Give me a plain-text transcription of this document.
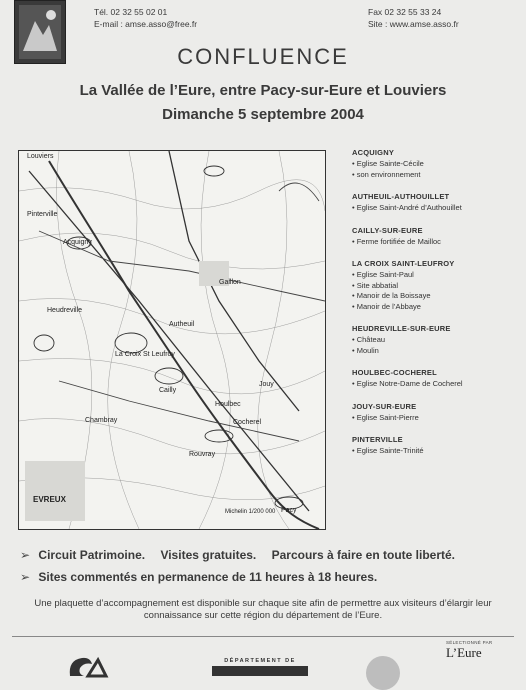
Tél. 02 32 55 02 01
E-mail : amse.asso@free.fr
Fax 02 32 55 33 24
Site : www.amse.asso.fr
CONFLUENCE
La Vallée de l’Eure, entre Pacy-sur-Eure et Louviers
Dimanche 5 septembre 2004
Louviers
Gaillon
Pinterville
Acquigny
Heudreville
Autheuil
La Croix St Leufroy
Cailly
Chambray
Jouy
Houlbec
Cocherel
Rouvray
EVREUX
Pacy
Michelin 1/200 000
ACQUIGNY
• Eglise Sainte-Cécile
• son environnement
AUTHEUIL-AUTHOUILLET
• Eglise Saint-André d’Authouillet
CAILLY-SUR-EURE
• Ferme fortifiée de Mailloc
LA CROIX SAINT-LEUFROY
• Eglise Saint-Paul
• Site abbatial
• Manoir de la Boissaye
• Manoir de l’Abbaye
HEUDREVILLE-SUR-EURE
• Château
• Moulin
HOULBEC-COCHEREL
• Eglise Notre-Dame de Cocherel
JOUY-SUR-EURE
• Eglise Saint-Pierre
PINTERVILLE
• Eglise Sainte-Trinité
➢ Circuit Patrimoine. Visites gratuites. Parcours à faire en toute liberté.
➢ Sites commentés en permanence de 11 heures à 18 heures.
Une plaquette d’accompagnement est disponible sur chaque site afin de permettre aux visiteurs d’élargir leur connaissance sur cette région du département de l’Eure.
DÉPARTEMENT DE
SÉLECTIONNÉ PAR
L’Eure
